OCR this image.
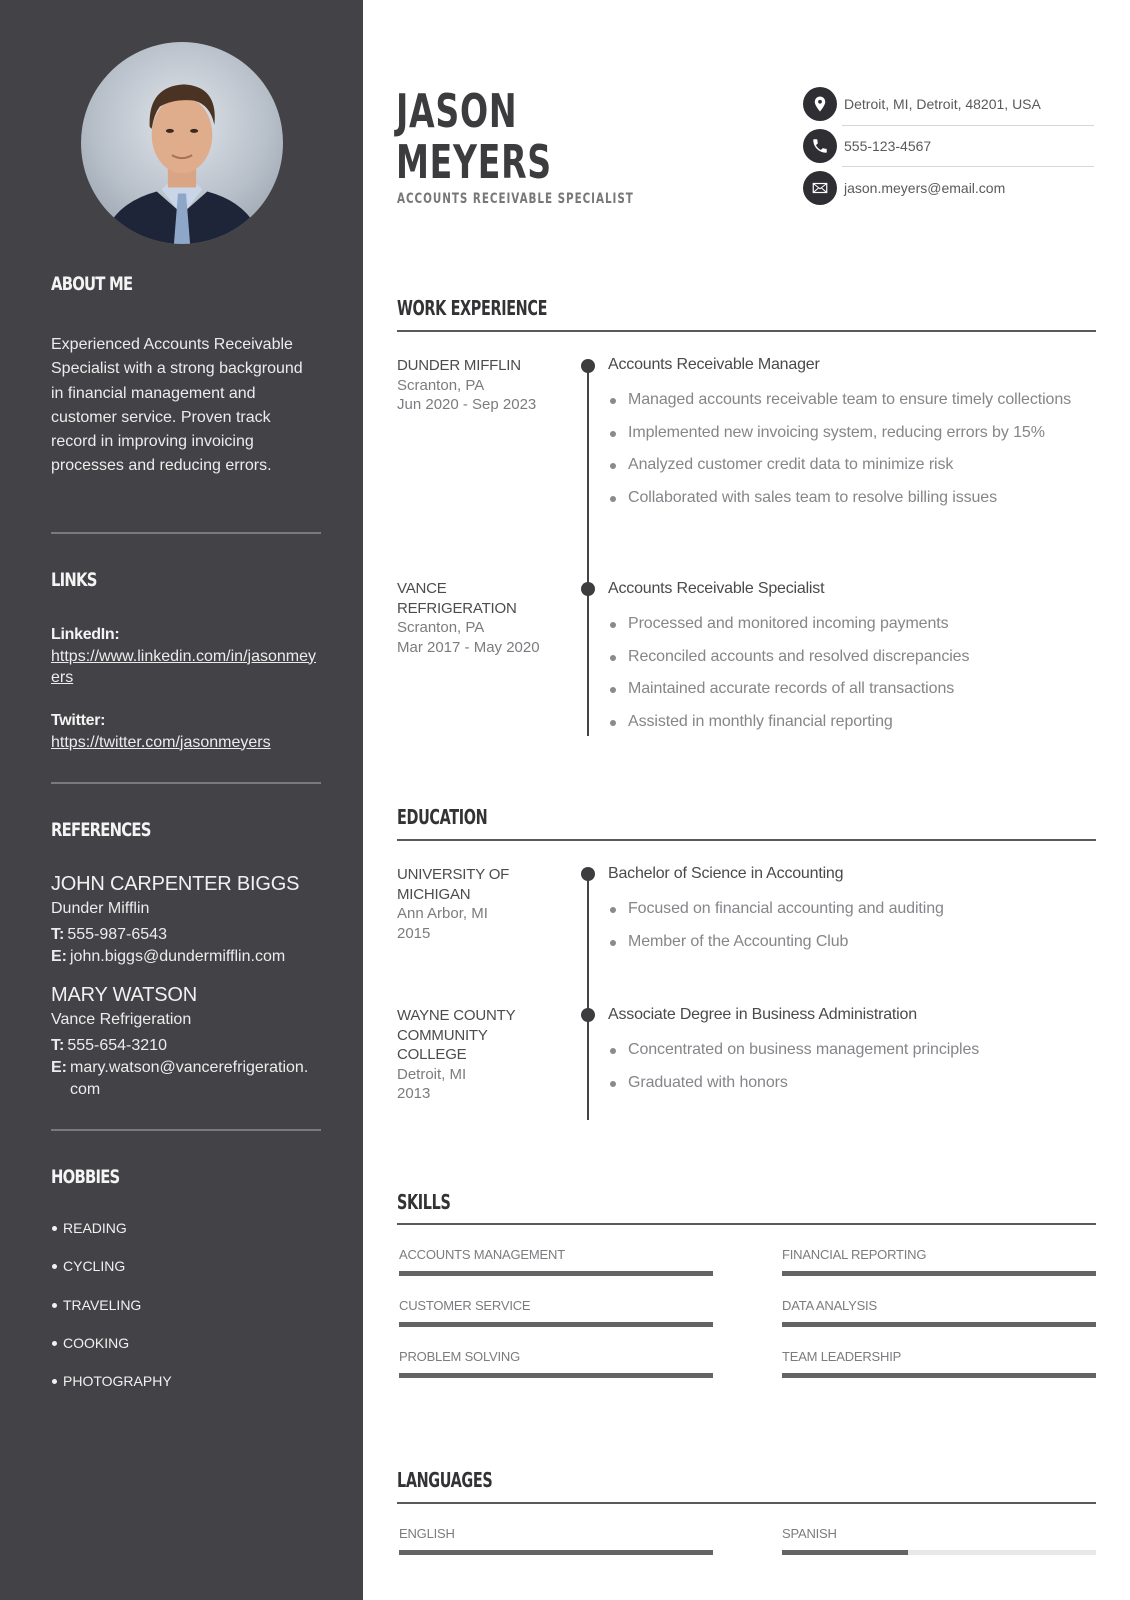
ABOUT ME

Experienced Accounts Receivable Specialist with a strong background in financial management and customer service. Proven track record in improving invoicing processes and reducing errors.

LINKS
LinkedIn:
https://www.linkedin.com/in/jasonmeyers
Twitter:
https://twitter.com/jasonmeyers
REFERENCES
JOHN CARPENTER BIGGS
Dunder Mifflin
T: 555-987-6543
E: john.biggs@dundermifflin.com
MARY WATSON
Vance Refrigeration
T: 555-654-3210
E: mary.watson@vancerefrigeration.com
HOBBIES
READING
CYCLING
TRAVELING
COOKING
PHOTOGRAPHY
JASON
MEYERS
ACCOUNTS RECEIVABLE SPECIALIST
Detroit, MI, Detroit, 48201, USA
555-123-4567
jason.meyers@email.com
WORK EXPERIENCE
DUNDER MIFFLIN
Scranton, PA
Jun 2020 - Sep 2023
Accounts Receivable Manager
Managed accounts receivable team to ensure timely collections
Implemented new invoicing system, reducing errors by 15%
Analyzed customer credit data to minimize risk
Collaborated with sales team to resolve billing issues
VANCE REFRIGERATION
Scranton, PA
Mar 2017 - May 2020
Accounts Receivable Specialist
Processed and monitored incoming payments
Reconciled accounts and resolved discrepancies
Maintained accurate records of all transactions
Assisted in monthly financial reporting
EDUCATION
UNIVERSITY OF MICHIGAN
Ann Arbor, MI
2015
Bachelor of Science in Accounting
Focused on financial accounting and auditing
Member of the Accounting Club
WAYNE COUNTY COMMUNITY COLLEGE
Detroit, MI
2013
Associate Degree in Business Administration
Concentrated on business management principles
Graduated with honors
SKILLS
ACCOUNTS MANAGEMENT	FINANCIAL REPORTING
CUSTOMER SERVICE	DATA ANALYSIS
PROBLEM SOLVING	TEAM LEADERSHIP
LANGUAGES
ENGLISH	SPANISH
